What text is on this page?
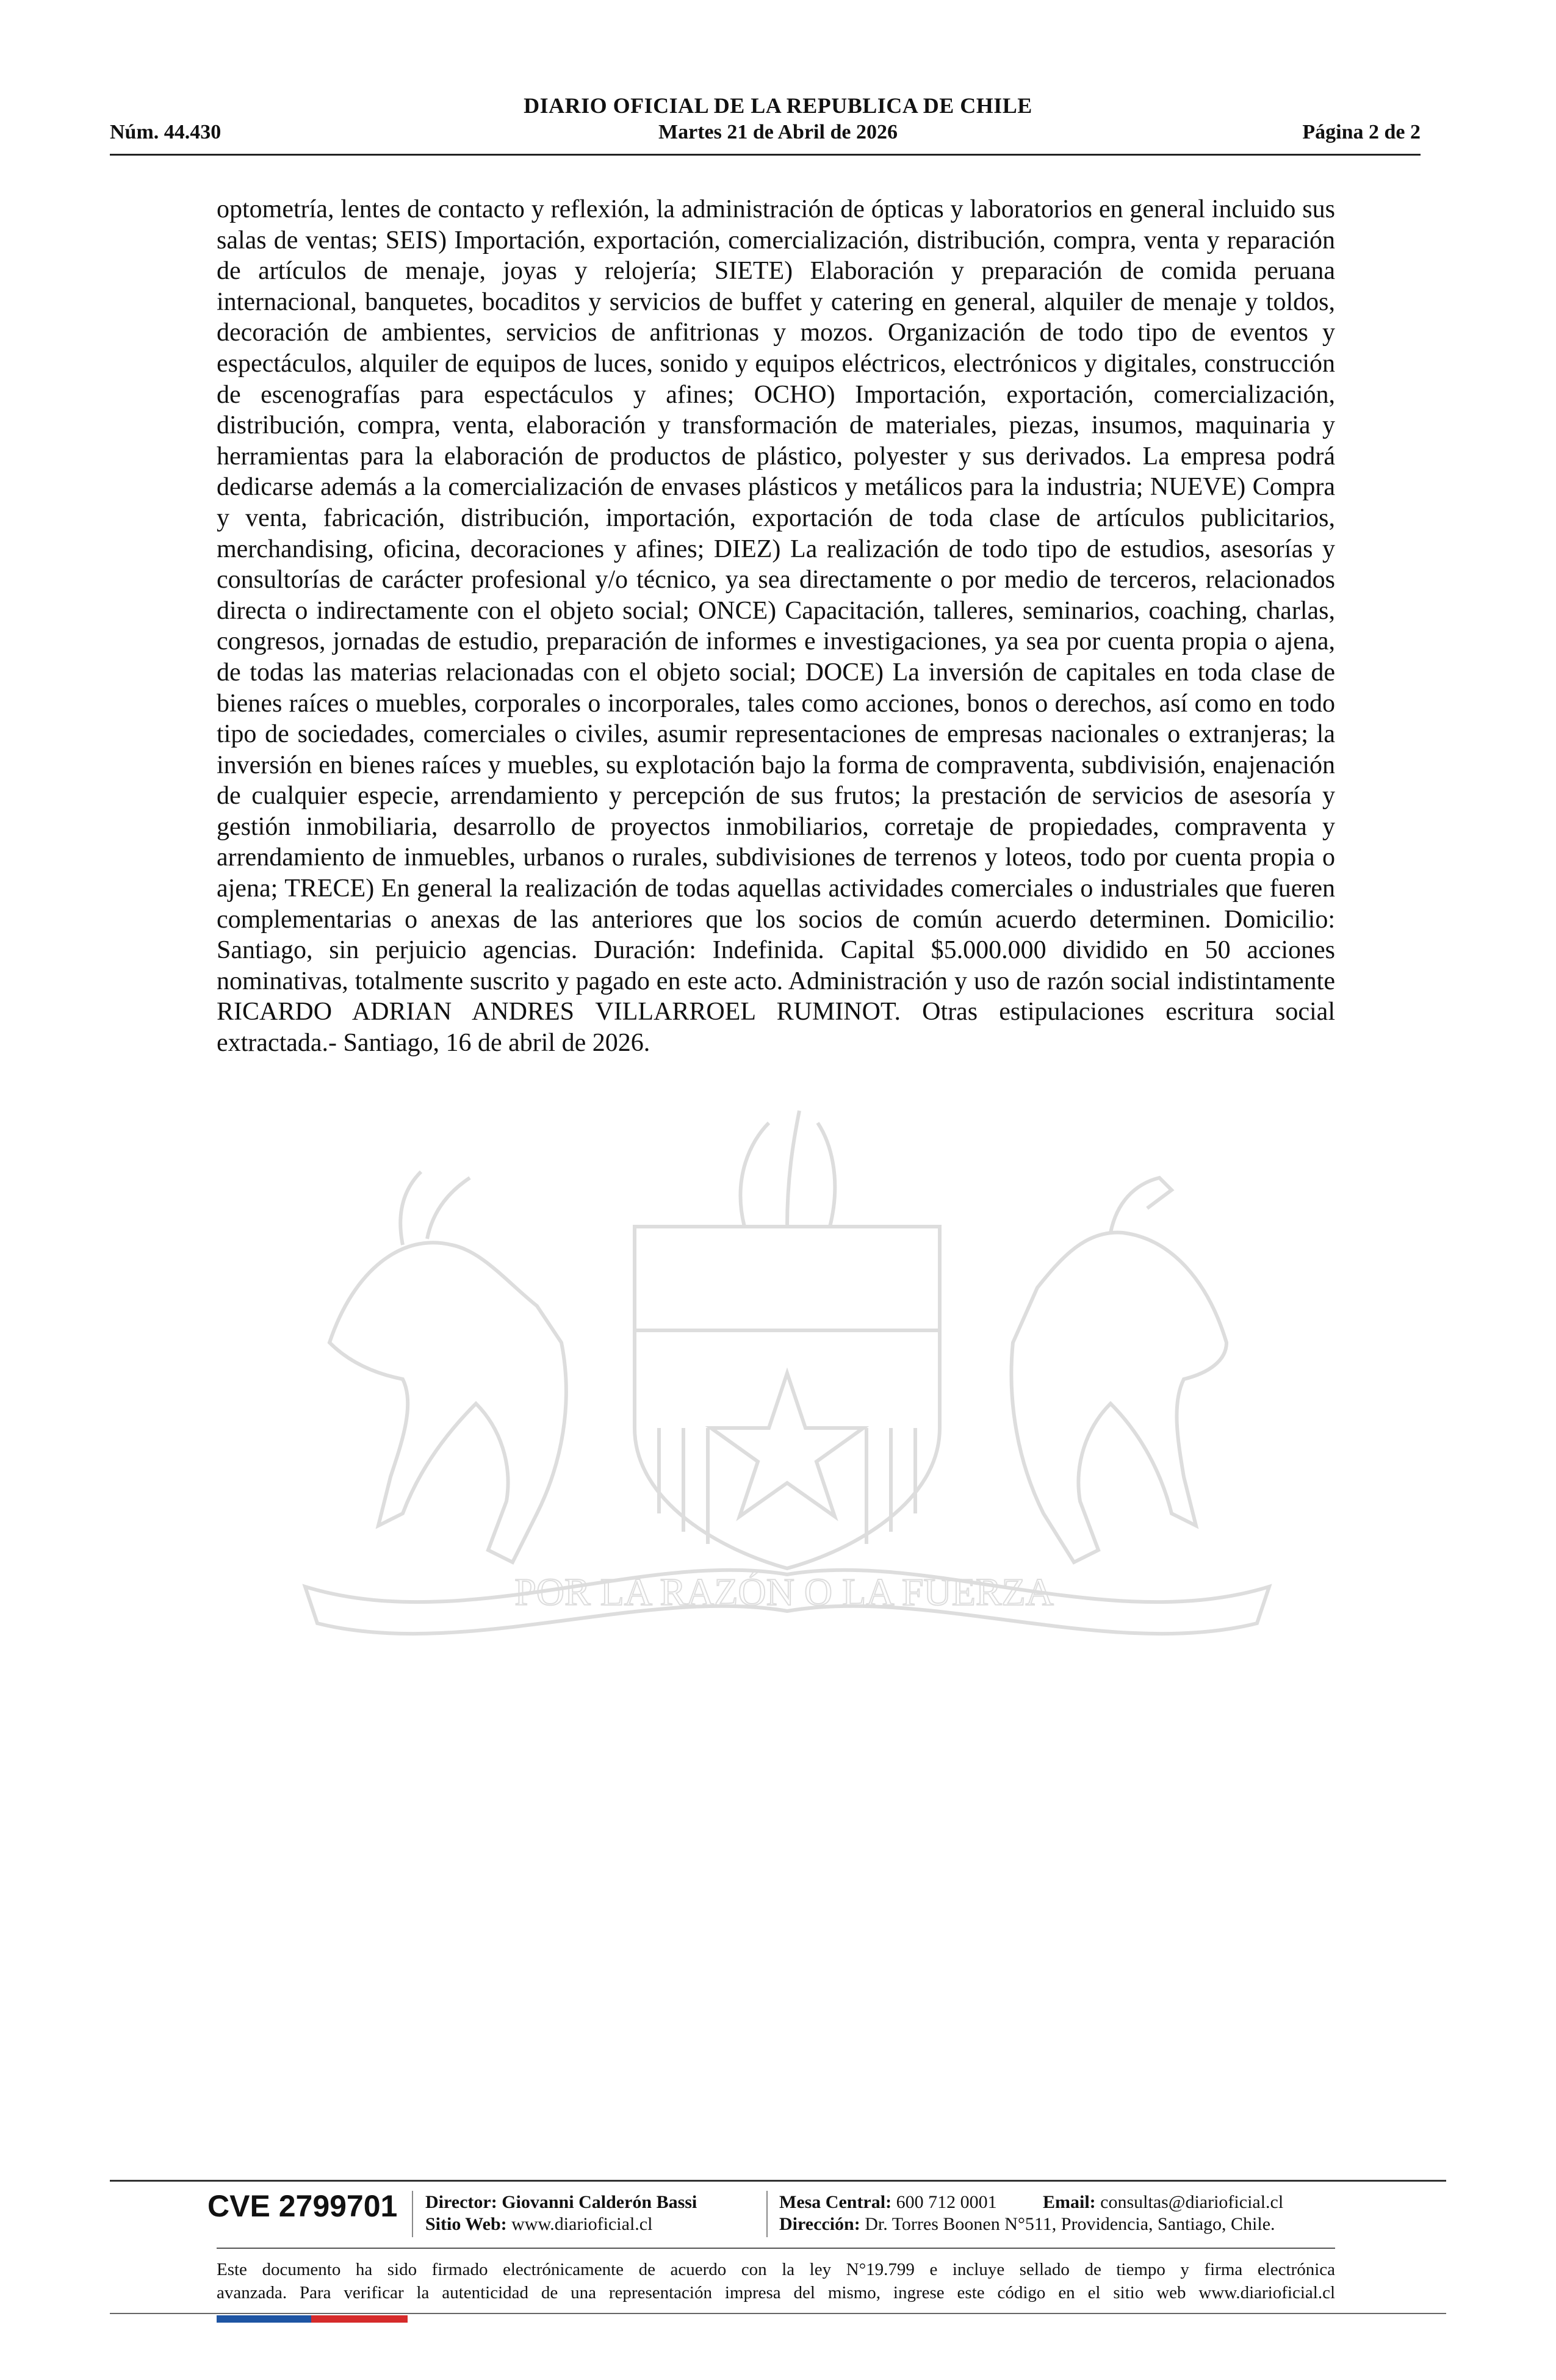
DIARIO OFICIAL DE LA REPUBLICA DE CHILE
Núm. 44.430	Martes 21 de Abril de 2026	Página 2 de 2
POR LA RAZÓN O LA FUERZA
optometría, lentes de contacto y reflexión, la administración de ópticas y laboratorios en general incluido sus salas de ventas; SEIS) Importación, exportación, comercialización, distribución, compra, venta y reparación de artículos de menaje, joyas y relojería; SIETE) Elaboración y preparación de comida peruana internacional, banquetes, bocaditos y servicios de buffet y catering en general, alquiler de menaje y toldos, decoración de ambientes, servicios de anfitrionas y mozos. Organización de todo tipo de eventos y espectáculos, alquiler de equipos de luces, sonido y equipos eléctricos, electrónicos y digitales, construcción de escenografías para espectáculos y afines; OCHO) Importación, exportación, comercialización, distribución, compra, venta, elaboración y transformación de materiales, piezas, insumos, maquinaria y herramientas para la elaboración de productos de plástico, polyester y sus derivados. La empresa podrá dedicarse además a la comercialización de envases plásticos y metálicos para la industria; NUEVE) Compra y venta, fabricación, distribución, importación, exportación de toda clase de artículos publicitarios, merchandising, oficina, decoraciones y afines; DIEZ) La realización de todo tipo de estudios, asesorías y consultorías de carácter profesional y/o técnico, ya sea directamente o por medio de terceros, relacionados directa o indirectamente con el objeto social; ONCE) Capacitación, talleres, seminarios, coaching, charlas, congresos, jornadas de estudio, preparación de informes e investigaciones, ya sea por cuenta propia o ajena, de todas las materias relacionadas con el objeto social; DOCE) La inversión de capitales en toda clase de bienes raíces o muebles, corporales o incorporales, tales como acciones, bonos o derechos, así como en todo tipo de sociedades, comerciales o civiles, asumir representaciones de empresas nacionales o extranjeras; la inversión en bienes raíces y muebles, su explotación bajo la forma de compraventa, subdivisión, enajenación de cualquier especie, arrendamiento y percepción de sus frutos; la prestación de servicios de asesoría y gestión inmobiliaria, desarrollo de proyectos inmobiliarios, corretaje de propiedades, compraventa y arrendamiento de inmuebles, urbanos o rurales, subdivisiones de terrenos y loteos, todo por cuenta propia o ajena; TRECE) En general la realización de todas aquellas actividades comerciales o industriales que fueren complementarias o anexas de las anteriores que los socios de común acuerdo determinen. Domicilio: Santiago, sin perjuicio agencias. Duración: Indefinida. Capital $5.000.000 dividido en 50 acciones nominativas, totalmente suscrito y pagado en este acto. Administración y uso de razón social indistintamente RICARDO ADRIAN ANDRES VILLARROEL RUMINOT. Otras estipulaciones escritura social extractada.- Santiago, 16 de abril de 2026.
CVE 2799701 Director: Giovanni Calderón Bassi
Sitio Web: www.diarioficial.cl
Mesa Central: 600 712 0001	Email: consultas@diarioficial.cl
Dirección: Dr. Torres Boonen N°511, Providencia, Santiago, Chile.
Este documento ha sido firmado electrónicamente de acuerdo con la ley N°19.799 e incluye sellado de tiempo y firma electrónica
avanzada. Para verificar la autenticidad de una representación impresa del mismo, ingrese este código en el sitio web www.diarioficial.cl
